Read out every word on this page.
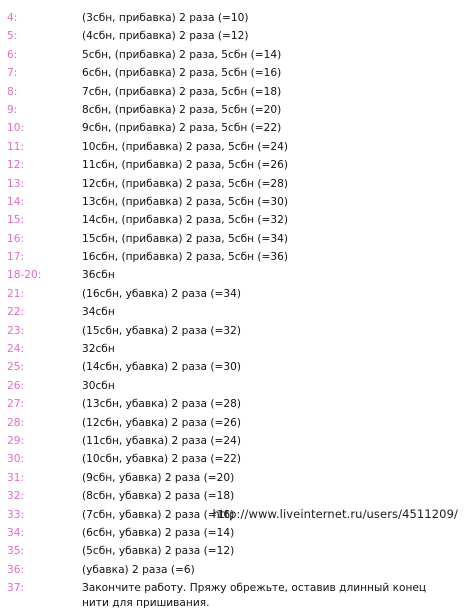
4:	(3сбн, прибавка) 2 раза (=10)
5:	(4сбн, прибавка) 2 раза (=12)
6:	5сбн, (прибавка) 2 раза, 5сбн (=14)
7:	6сбн, (прибавка) 2 раза, 5сбн (=16)
8:	7сбн, (прибавка) 2 раза, 5сбн (=18)
9:	8сбн, (прибавка) 2 раза, 5сбн (=20)
10:	9сбн, (прибавка) 2 раза, 5сбн (=22)
11:	10сбн, (прибавка) 2 раза, 5сбн (=24)
12:	11сбн, (прибавка) 2 раза, 5сбн (=26)
13:	12сбн, (прибавка) 2 раза, 5сбн (=28)
14:	13сбн, (прибавка) 2 раза, 5сбн (=30)
15:	14сбн, (прибавка) 2 раза, 5сбн (=32)
16:	15сбн, (прибавка) 2 раза, 5сбн (=34)
17:	16сбн, (прибавка) 2 раза, 5сбн (=36)
18-20:	36сбн
21:	(16сбн, убавка) 2 раза (=34)
22:	34сбн
23:	(15сбн, убавка) 2 раза (=32)
24:	32сбн
25:	(14сбн, убавка) 2 раза (=30)
26:	30сбн
27:	(13сбн, убавка) 2 раза (=28)
28:	(12сбн, убавка) 2 раза (=26)
29:	(11сбн, убавка) 2 раза (=24)
30:	(10сбн, убавка) 2 раза (=22)
31:	(9сбн, убавка) 2 раза (=20)
32:	(8сбн, убавка) 2 раза (=18)
33:	(7сбн, убавка) 2 раза (=16)
34:	(6сбн, убавка) 2 раза (=14)
35:	(5сбн, убавка) 2 раза (=12)
36:	(убавка) 2 раза (=6)
37:	Закончите работу. Пряжу обрежьте, оставив длинный конец нити для пришивания.
http://www.liveinternet.ru/users/4511209/
